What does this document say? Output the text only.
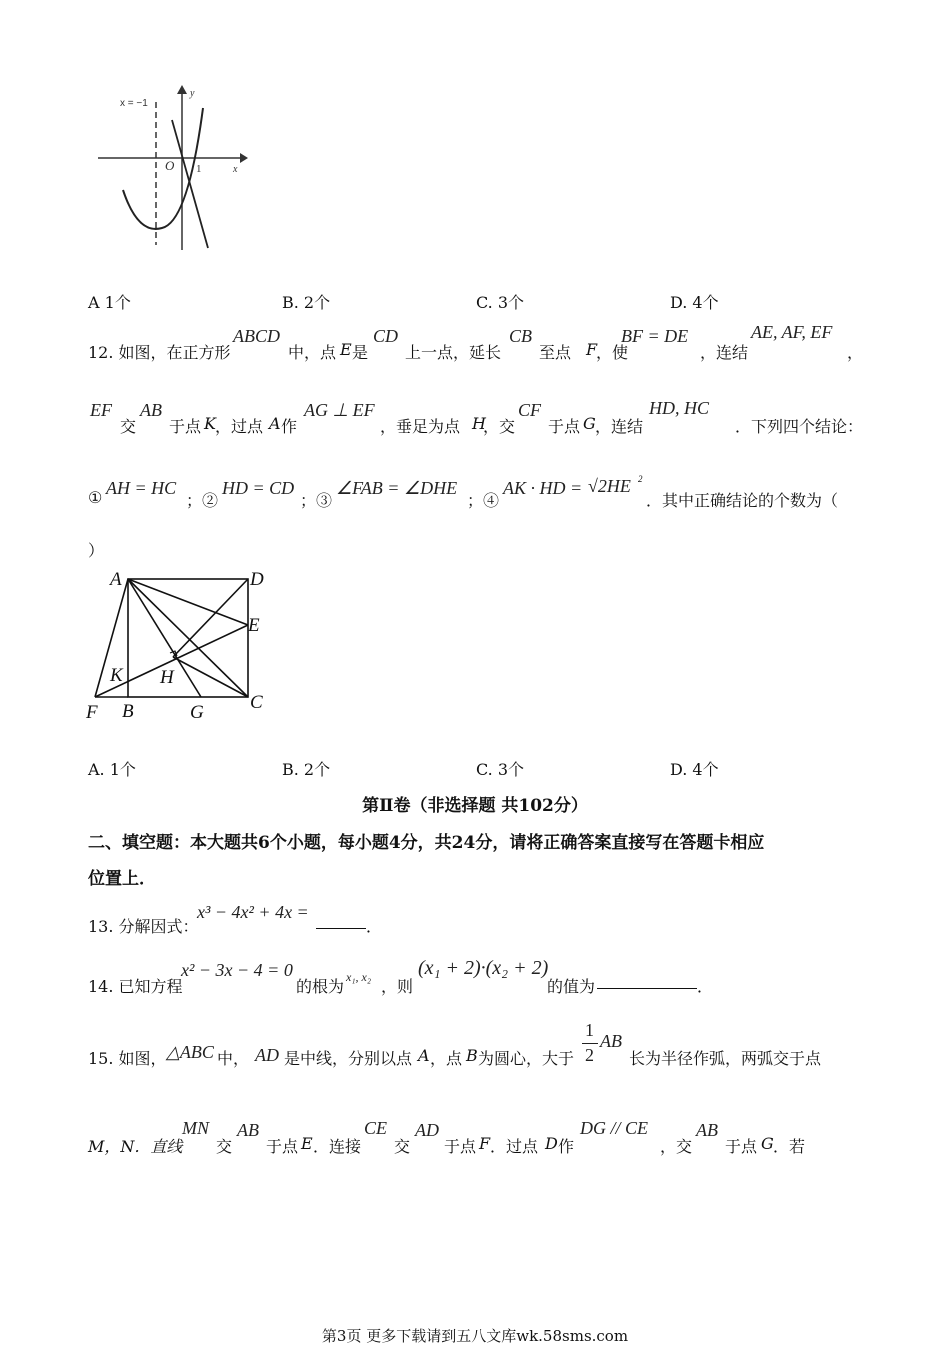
x = −1
y
x
O 1
A 1个	B. 2个	C. 3个	D. 4个
12. 如图，在正方形
ABCD
中，点 E 是
CD
上一点，延长
CB
至点 F
，使
BF = DE
，连结
AE, AF, EF
，
EF
交
AB
于点 K ，过点 A 作
AG ⊥ EF
，垂足为点 H
，交
CF
于点 G ，连结
HD, HC
．下列四个结论：
① AH = HC
；②
HD = CD
；③
∠FAB = ∠DHE
；④
AK · HD = √2HE 2
．其中正确结论的个数为（
）
A	D
E
K H
C
F B	G
A. 1个	B. 2个	C. 3个	D. 4个
第Ⅱ卷（非选择题 共102分）
二、填空题：本大题共6个小题，每小题4分，共24分，请将正确答案直接写在答题卡相应
位置上．
13. 分解因式：
x³ − 4x² + 4x =
．
14. 已知方程
x² − 3x − 4 = 0
的根为 x₁, x₂ ，则
(x₁ + 2)·(x₂ + 2)
的值为	．
15. 如图， △ABC 中， AD 是中线，分别以点 A ，点 B 为圆心，大于
1
2
AB
长为半径作弧，两弧交于点
M，N．直线
MN
交
AB
于点 E ．连接
CE
交
AD
于点 F ．过点 D 作
DG // CE
，交
AB
于点 G ．若
第3页 更多下载请到五八文库wk.58sms.com
